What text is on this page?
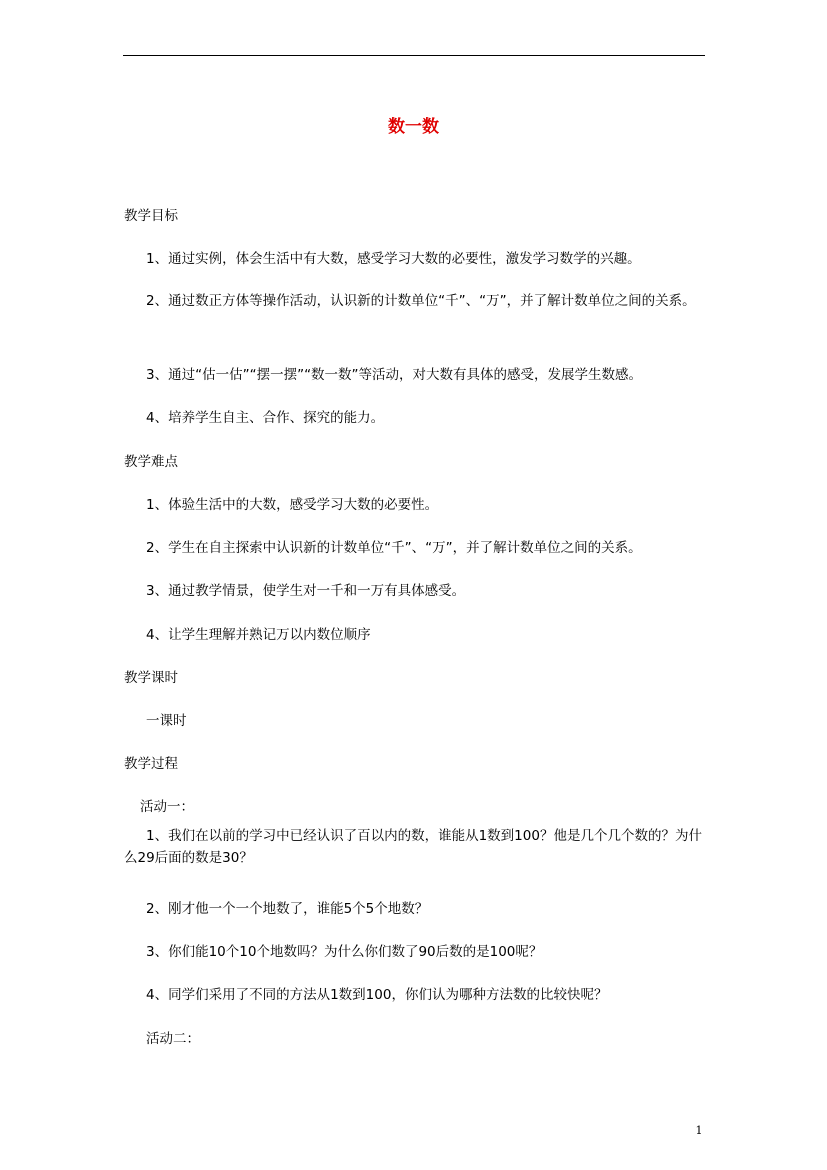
数一数
教学目标
1、通过实例，体会生活中有大数，感受学习大数的必要性，激发学习数学的兴趣。
2、通过数正方体等操作活动，认识新的计数单位“千”、“万”，并了解计数单位之间的关系。
3、通过“估一估”“摆一摆”“数一数”等活动，对大数有具体的感受，发展学生数感。
4、培养学生自主、合作、探究的能力。
教学难点
1、体验生活中的大数，感受学习大数的必要性。
2、学生在自主探索中认识新的计数单位“千”、“万”，并了解计数单位之间的关系。
3、通过教学情景，使学生对一千和一万有具体感受。
4、让学生理解并熟记万以内数位顺序
教学课时
一课时
教学过程
活动一：
1、我们在以前的学习中已经认识了百以内的数，谁能从1数到100？他是几个几个数的？为什么29后面的数是30？
2、刚才他一个一个地数了，谁能5个5个地数？
3、你们能10个10个地数吗？为什么你们数了90后数的是100呢？
4、同学们采用了不同的方法从1数到100，你们认为哪种方法数的比较快呢？
活动二：
1
